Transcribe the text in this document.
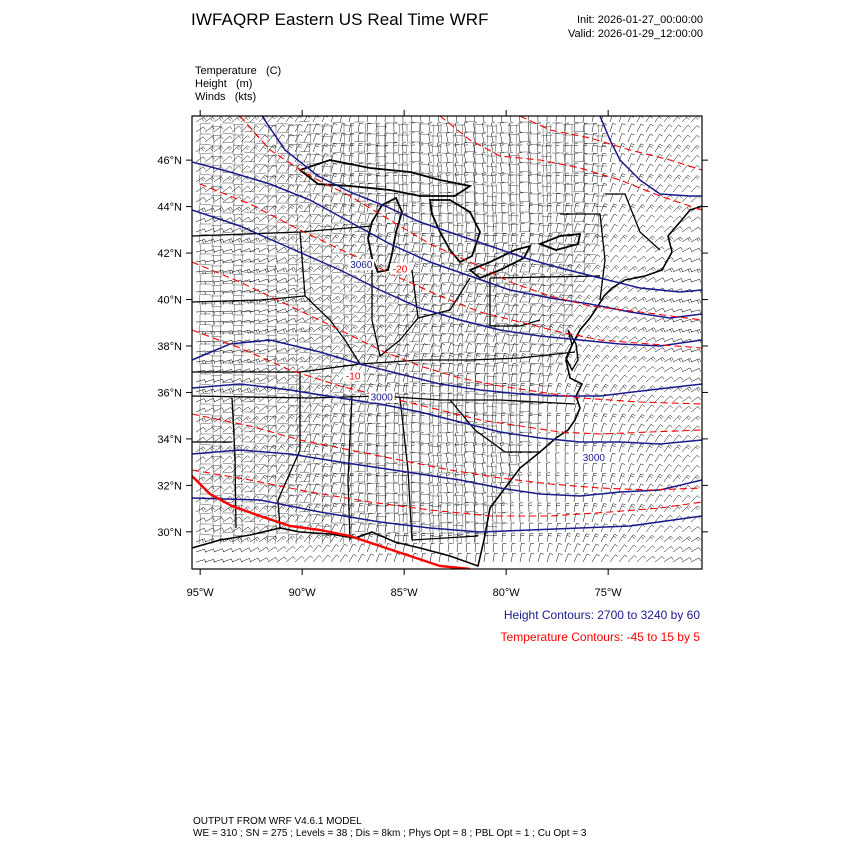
IWFAQRP Eastern US Real Time WRF	Init: 2026-01-27_00:00:00
Valid: 2026-01-29_12:00:00
Temperature (C)
Height (m)
Winds (kts)
3060
3000
3000
-20
-10
46°N
44°N
42°N
40°N
38°N
36°N
34°N
32°N
30°N
95°W	90°W	85°W	80°W	75°W
Height Contours: 2700 to 3240 by 60
Temperature Contours: -45 to 15 by 5
OUTPUT FROM WRF V4.6.1 MODEL
WE = 310 ; SN = 275 ; Levels = 38 ; Dis = 8km ; Phys Opt = 8 ; PBL Opt = 1 ; Cu Opt = 3
